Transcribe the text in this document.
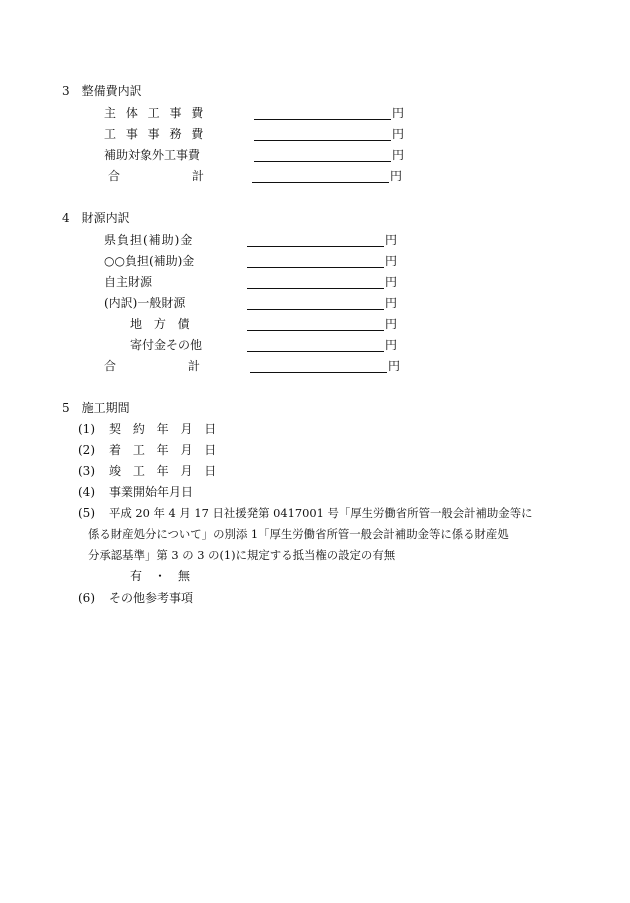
3　整備費内訳
主 体 工 事 費	円
工 事 事 務 費	円
補助対象外工事費	円
合　　　　　　計	円
4　財源内訳
県負担(補助)金	円
○○負担(補助)金	円
自主財源	円
(内訳)一般財源	円
地 方 債	円
寄付金その他	円
合　　　　　　計	円
5　施工期間
(1) 契 約 年 月 日
(2) 着 工 年 月 日
(3) 竣 工 年 月 日
(4) 事業開始年月日
(5) 平成 20 年 4 月 17 日社援発第 0417001 号「厚生労働省所管一般会計補助金等に
係る財産処分について」の別添 1「厚生労働省所管一般会計補助金等に係る財産処
分承認基準」第 3 の 3 の(1)に規定する抵当権の設定の有無
有　・　無
(6) その他参考事項
